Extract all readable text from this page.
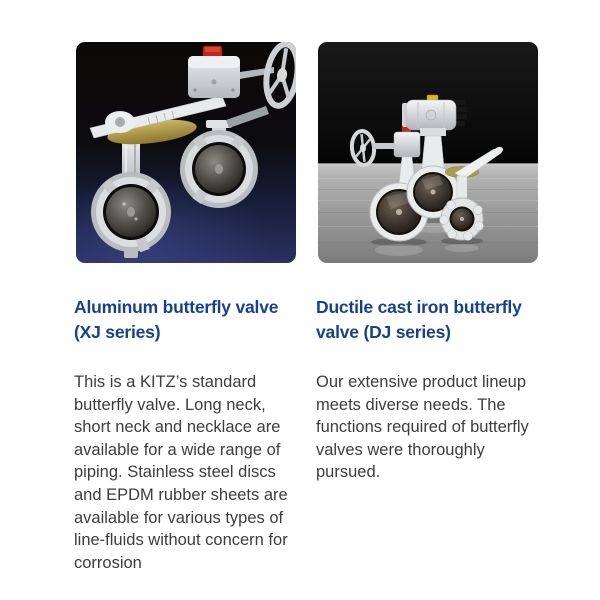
Aluminum butterfly valve (XJ series)

This is a KITZ’s standard butterfly valve. Long neck, short neck and necklace are available for a wide range of piping. Stainless steel discs and EPDM rubber sheets are available for various types of line-fluids without concern for corrosion

Ductile cast iron butterfly valve (DJ series)

Our extensive product lineup meets diverse needs. The functions required of butterfly valves were thoroughly pursued.
